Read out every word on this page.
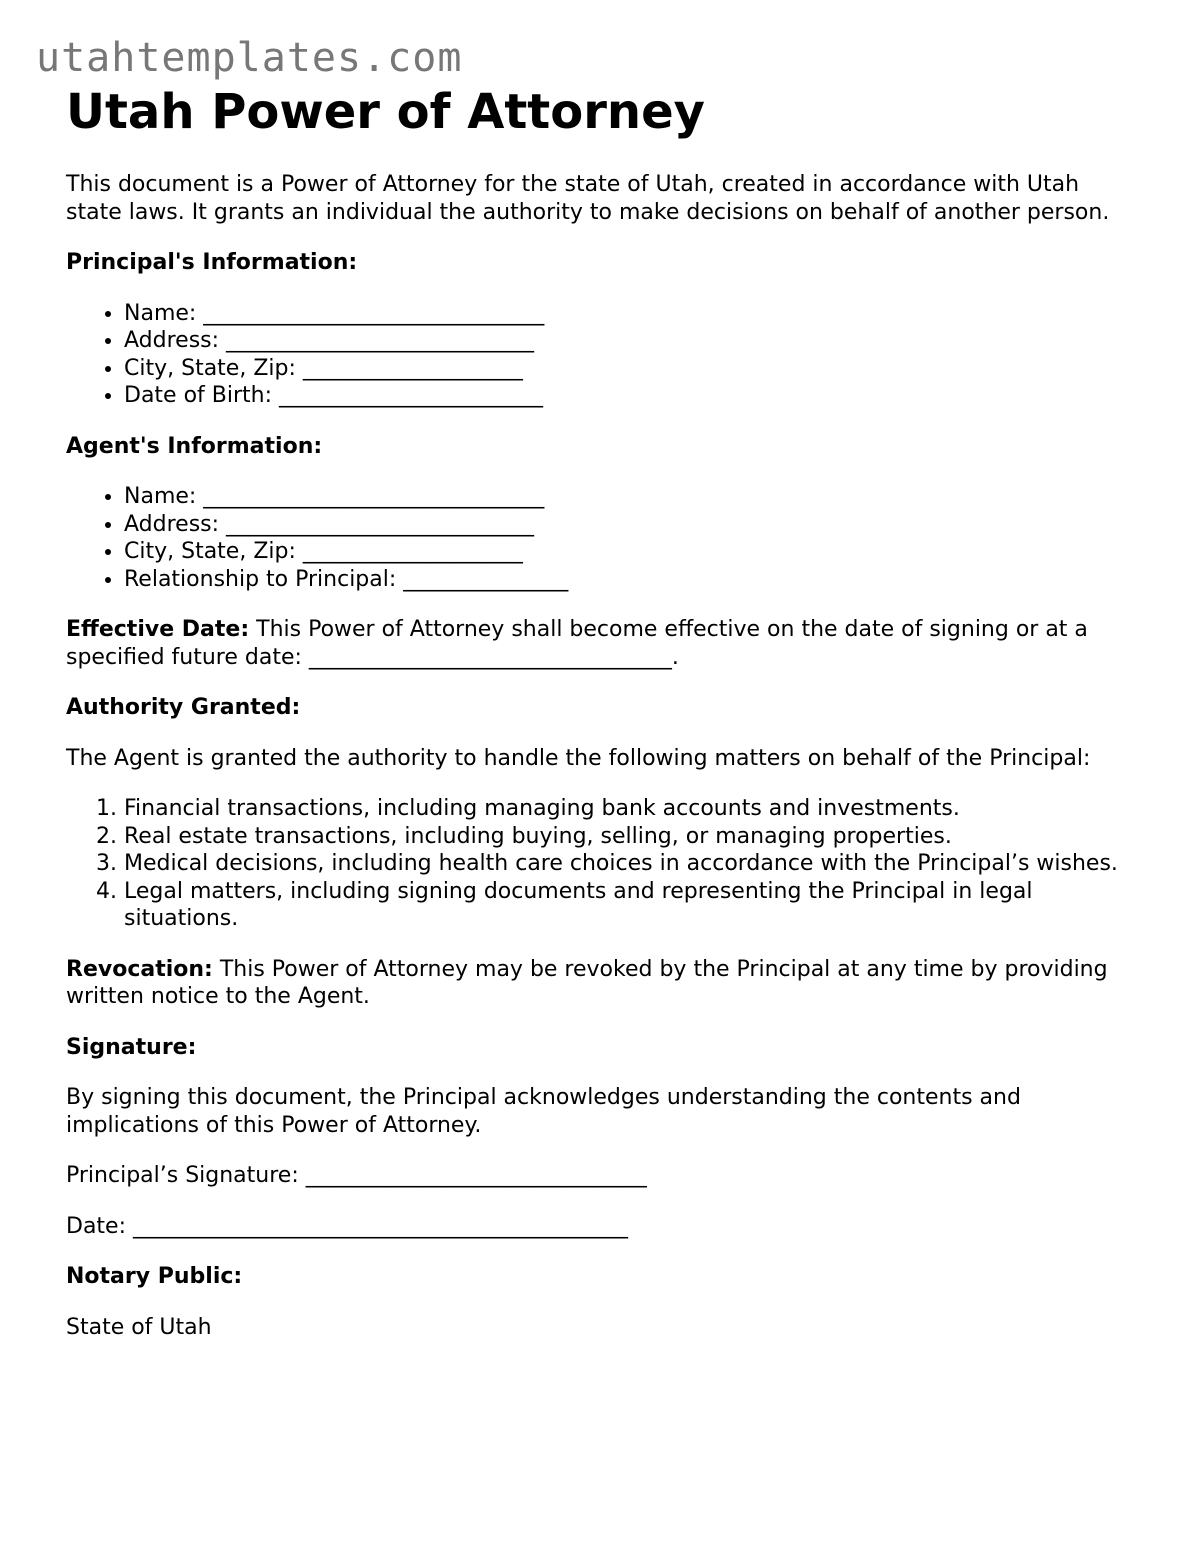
utahtemplates.com
Utah Power of Attorney

This document is a Power of Attorney for the state of Utah, created in accordance with Utah state laws. It grants an individual the authority to make decisions on behalf of another person.

Principal's Information:

• Name: _______________________________
• Address: ____________________________
• City, State, Zip: ____________________
• Date of Birth: ________________________

Agent's Information:

• Name: _______________________________
• Address: ____________________________
• City, State, Zip: ____________________
• Relationship to Principal: _______________

Effective Date: This Power of Attorney shall become effective on the date of signing or at a specified future date: _________________________________.

Authority Granted:

The Agent is granted the authority to handle the following matters on behalf of the Principal:

1. Financial transactions, including managing bank accounts and investments.
2. Real estate transactions, including buying, selling, or managing properties.
3. Medical decisions, including health care choices in accordance with the Principal’s wishes.
4. Legal matters, including signing documents and representing the Principal in legal situations.

Revocation: This Power of Attorney may be revoked by the Principal at any time by providing written notice to the Agent.

Signature:

By signing this document, the Principal acknowledges understanding the contents and implications of this Power of Attorney.

Principal’s Signature: _______________________________

Date: _____________________________________________

Notary Public:

State of Utah
